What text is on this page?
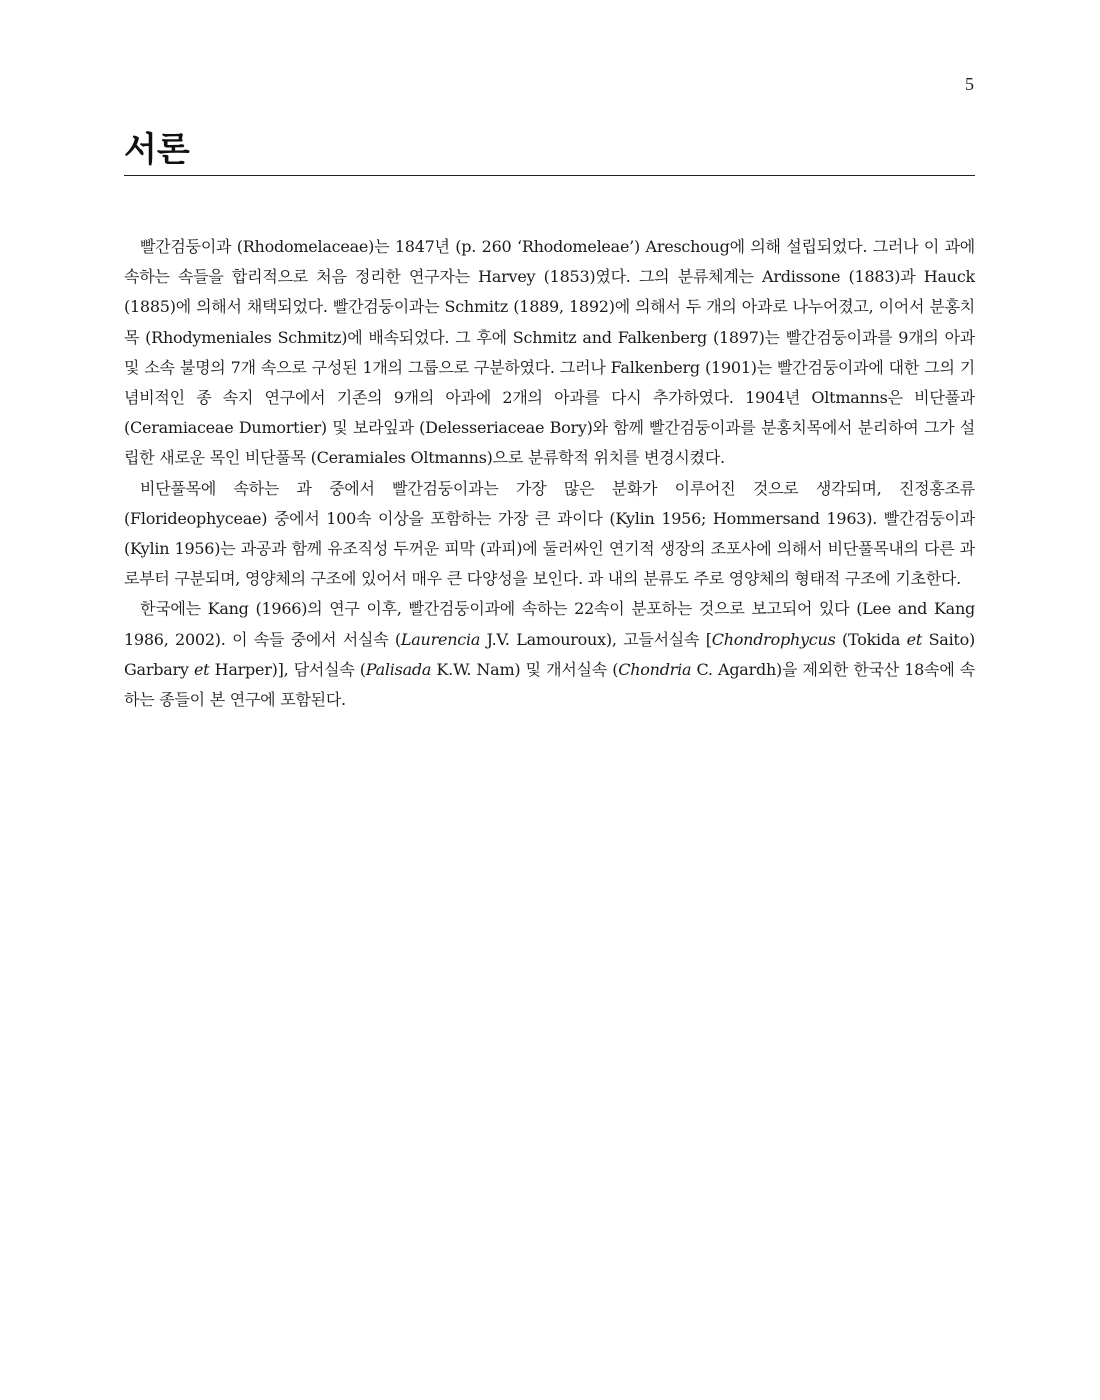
5
서론

빨간검둥이과 (Rhodomelaceae)는 1847년 (p. 260 ‘Rhodomeleae’) Areschoug에 의해 설립되었다. 그러나 이 과에 속하는 속들을 합리적으로 처음 정리한 연구자는 Harvey (1853)였다. 그의 분류체계는 Ardissone (1883)과 Hauck (1885)에 의해서 채택되었다. 빨간검둥이과는 Schmitz (1889, 1892)에 의해서 두 개의 아과로 나누어졌고, 이어서 분홍치목 (Rhodymeniales Schmitz)에 배속되었다. 그 후에 Schmitz and Falkenberg (1897)는 빨간검둥이과를 9개의 아과 및 소속 불명의 7개 속으로 구성된 1개의 그룹으로 구분하였다. 그러나 Falkenberg (1901)는 빨간검둥이과에 대한 그의 기념비적인 종 속지 연구에서 기존의 9개의 아과에 2개의 아과를 다시 추가하였다. 1904년 Oltmanns은 비단풀과 (Ceramiaceae Dumortier) 및 보라잎과 (Delesseriaceae Bory)와 함께 빨간검둥이과를 분홍치목에서 분리하여 그가 설립한 새로운 목인 비단풀목 (Ceramiales Oltmanns)으로 분류학적 위치를 변경시켰다.

비단풀목에 속하는 과 중에서 빨간검둥이과는 가장 많은 분화가 이루어진 것으로 생각되며, 진정홍조류 (Florideophyceae) 중에서 100속 이상을 포함하는 가장 큰 과이다 (Kylin 1956; Hommersand 1963). 빨간검둥이과 (Kylin 1956)는 과공과 함께 유조직성 두꺼운 피막 (과피)에 둘러싸인 연기적 생장의 조포사에 의해서 비단풀목내의 다른 과로부터 구분되며, 영양체의 구조에 있어서 매우 큰 다양성을 보인다. 과 내의 분류도 주로 영양체의 형태적 구조에 기초한다.

한국에는 Kang (1966)의 연구 이후, 빨간검둥이과에 속하는 22속이 분포하는 것으로 보고되어 있다 (Lee and Kang 1986, 2002). 이 속들 중에서 서실속 (Laurencia J.V. Lamouroux), 고들서실속 [Chondrophycus (Tokida et Saito) Garbary et Harper)], 담서실속 (Palisada K.W. Nam) 및 개서실속 (Chondria C. Agardh)을 제외한 한국산 18속에 속하는 종들이 본 연구에 포함된다.
